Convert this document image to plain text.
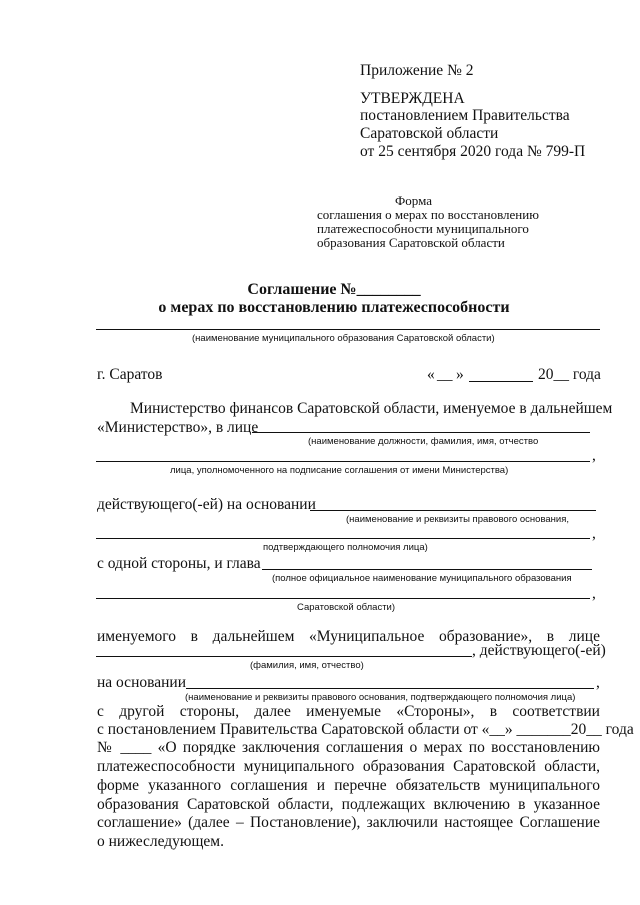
Приложение № 2
УТВЕРЖДЕНА
постановлением Правительства
Саратовской области
от 25 сентября 2020 года № 799-П
Форма
соглашения о мерах по восстановлению
платежеспособности муниципального
образования Саратовской области
Соглашение №________
о мерах по восстановлению платежеспособности
(наименование муниципального образования Саратовской области)
г. Саратов	« __ »	20__ года
Министерство финансов Саратовской области, именуемое в дальнейшем
«Министерство», в лице
(наименование должности, фамилия, имя, отчество
,
лица, уполномоченного на подписание соглашения от имени Министерства)
действующего(-ей) на основании
(наименование и реквизиты правового основания,
,
подтверждающего полномочия лица)
с одной стороны, и глава
(полное официальное наименование муниципального образования
,
Саратовской области)
именуемого в дальнейшем «Муниципальное образование», в лице
, действующего(-ей)
(фамилия, имя, отчество)
на основании	,
(наименование и реквизиты правового основания, подтверждающего полномочия лица)
с другой стороны, далее именуемые «Стороны», в соответствии
с постановлением Правительства Саратовской области от «__» _______20__ года
№ ____ «О порядке заключения соглашения о мерах по восстановлению
платежеспособности муниципального образования Саратовской области,
форме указанного соглашения и перечне обязательств муниципального
образования Саратовской области, подлежащих включению в указанное
соглашение» (далее – Постановление), заключили настоящее Соглашение
о нижеследующем.
